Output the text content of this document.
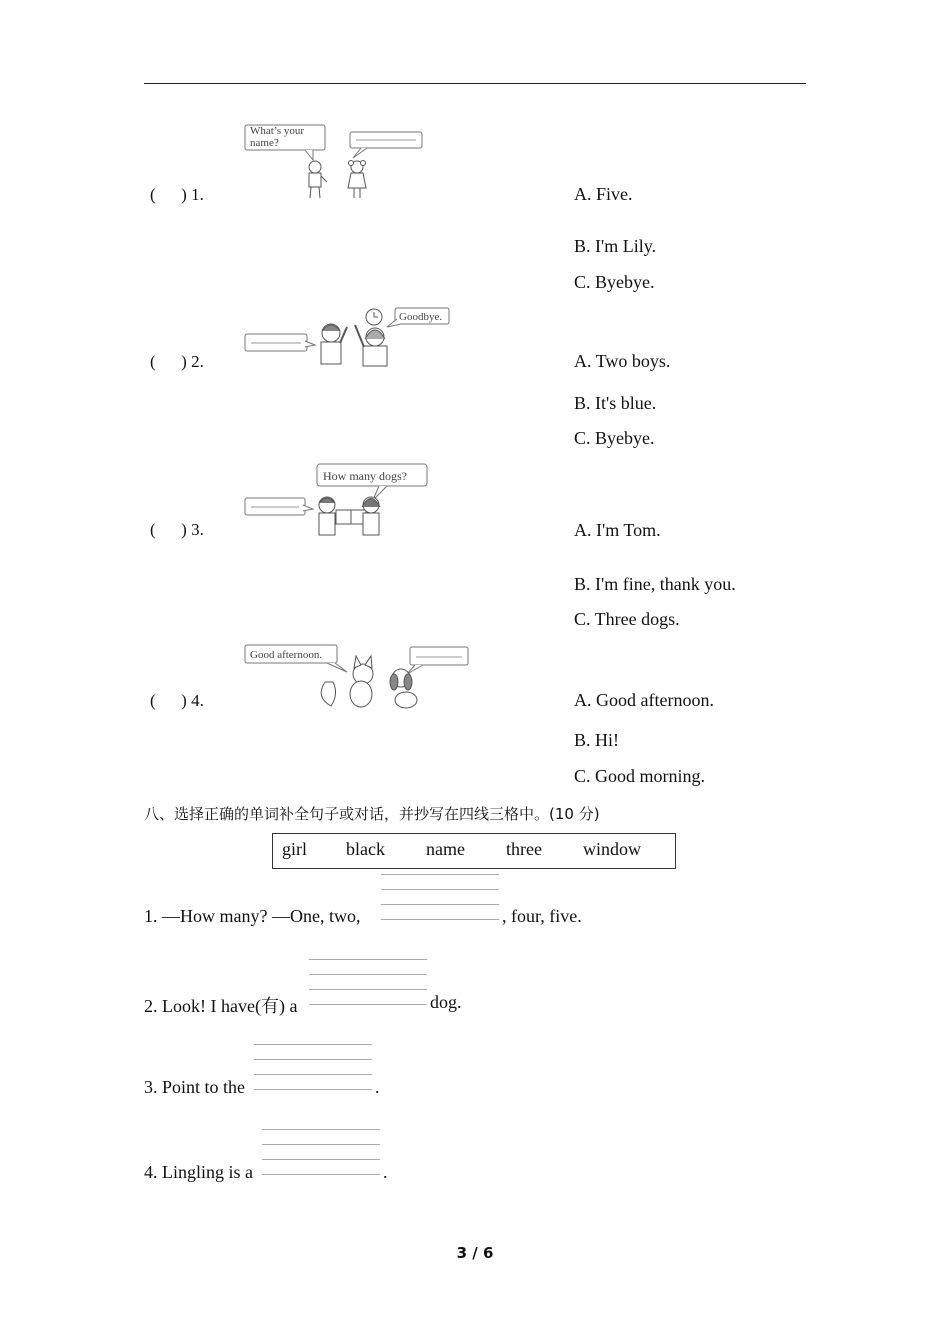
(      ) 1.
What’s your name?
A. Five.
B. I'm Lily.
C. Byebye.
(      ) 2.
Goodbye.
A. Two boys.
B. It's blue.
C. Byebye.
(      ) 3.
How many dogs?
A. I'm Tom.
B. I'm fine, thank you.
C. Three dogs.
(      ) 4.
Good afternoon.
A. Good afternoon.
B. Hi!
C. Good morning.
八、选择正确的单词补全句子或对话，并抄写在四线三格中。(10 分)
girl black name three window
1. —How many? —One, two,	, four, five.
2. Look! I have(有) a	dog.
3. Point to the	.
4. Lingling is a	.
3 / 6
